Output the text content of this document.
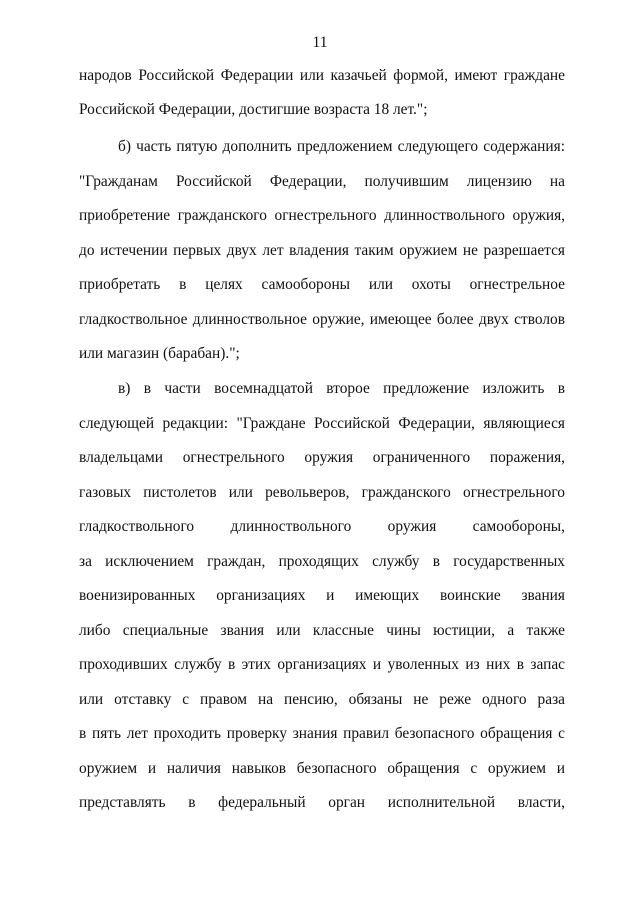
11
народов Российской Федерации или казачьей формой, имеют граждане
Российской Федерации, достигшие возраста 18 лет.";
б) часть пятую дополнить предложением следующего содержания:
"Гражданам Российской Федерации, получившим лицензию на
приобретение гражданского огнестрельного длинноствольного оружия,
до истечении первых двух лет владения таким оружием не разрешается
приобретать в целях самообороны или охоты огнестрельное
гладкоствольное длинноствольное оружие, имеющее более двух стволов
или магазин (барабан).";
в) в части восемнадцатой второе предложение изложить в
следующей редакции: "Граждане Российской Федерации, являющиеся
владельцами огнестрельного оружия ограниченного поражения,
газовых пистолетов или револьверов, гражданского огнестрельного
гладкоствольного длинноствольного оружия самообороны,
за исключением граждан, проходящих службу в государственных
военизированных организациях и имеющих воинские звания
либо специальные звания или классные чины юстиции, а также
проходивших службу в этих организациях и уволенных из них в запас
или отставку с правом на пенсию, обязаны не реже одного раза
в пять лет проходить проверку знания правил безопасного обращения с
оружием и наличия навыков безопасного обращения с оружием и
представлять в федеральный орган исполнительной власти,
